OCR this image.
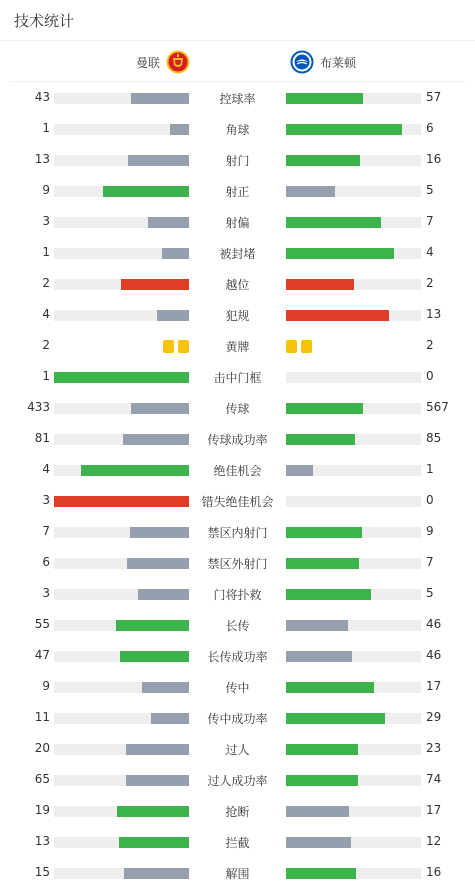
技术统计
曼联	布莱顿
43	控球率	57
1	角球	6
13	射门	16
9	射正	5
3	射偏	7
1	被封堵	4
2	越位	2
4	犯规	13
2	黄牌	2
1	击中门框	0
433	传球	567
81	传球成功率	85
4	绝佳机会	1
3	错失绝佳机会	0
7	禁区内射门	9
6	禁区外射门	7
3	门将扑救	5
55	长传	46
47	长传成功率	46
9	传中	17
11	传中成功率	29
20	过人	23
65	过人成功率	74
19	抢断	17
13	拦截	12
15	解围	16
